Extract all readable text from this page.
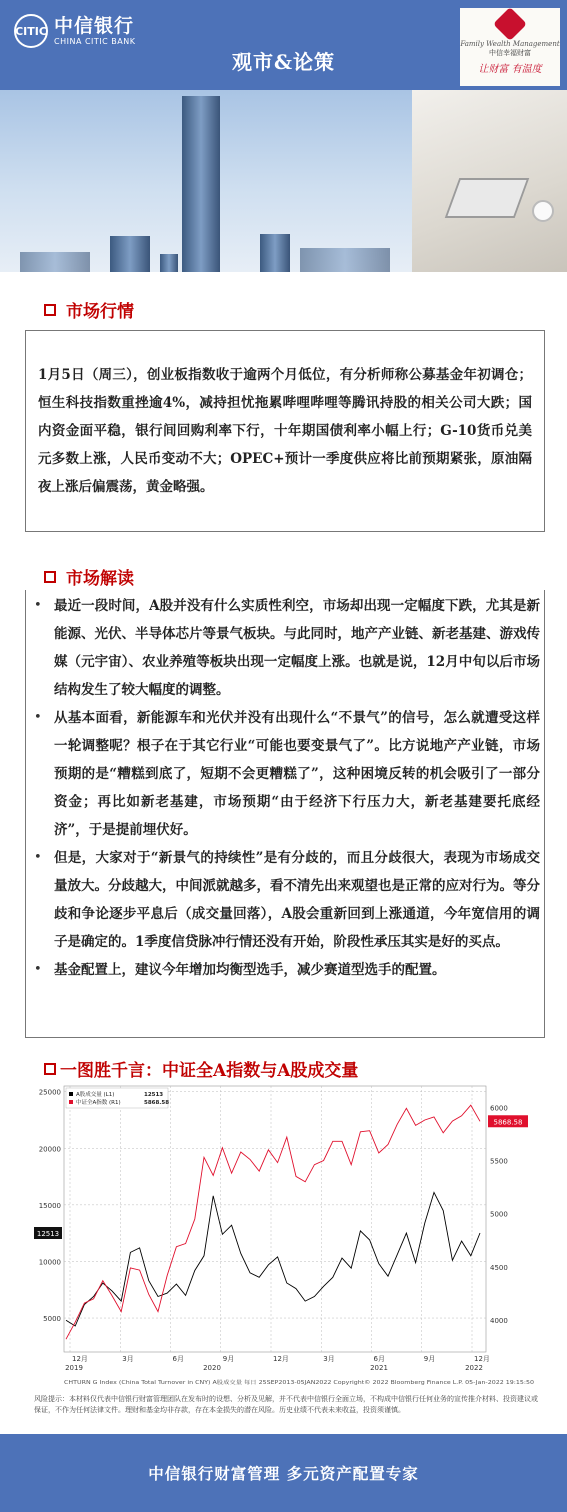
CITIC 中信银行
CHINA CITIC BANK
观市&论策
Family Wealth Management
中信幸福财富
让财富 有温度
市场行情

1月5日（周三），创业板指数收于逾两个月低位，有分析师称公募基金年初调仓；恒生科技指数重挫逾4%，减持担忧拖累哔哩哔哩等腾讯持股的相关公司大跌；国内资金面平稳，银行间回购利率下行，十年期国债利率小幅上行；G-10货币兑美元多数上涨，人民币变动不大；OPEC+预计一季度供应将比前预期紧张，原油隔夜上涨后偏震荡，黄金略强。

市场解读
• 最近一段时间，A股并没有什么实质性利空，市场却出现一定幅度下跌，尤其是新能源、光伏、半导体芯片等景气板块。与此同时，地产产业链、新老基建、游戏传媒（元宇宙）、农业养殖等板块出现一定幅度上涨。也就是说，12月中旬以后市场结构发生了较大幅度的调整。

• 从基本面看，新能源车和光伏并没有出现什么“不景气”的信号，怎么就遭受这样一轮调整呢？根子在于其它行业“可能也要变景气了”。比方说地产产业链，市场预期的是“糟糕到底了，短期不会更糟糕了”，这种困境反转的机会吸引了一部分资金；再比如新老基建，市场预期“由于经济下行压力大，新老基建要托底经济”，于是提前埋伏好。

• 但是，大家对于“新景气的持续性”是有分歧的，而且分歧很大，表现为市场成交量放大。分歧越大，中间派就越多，看不清先出来观望也是正常的应对行为。等分歧和争论逐步平息后（成交量回落），A股会重新回到上涨通道，今年宽信用的调子是确定的。1季度信贷脉冲行情还没有开始，阶段性承压其实是好的买点。

• 基金配置上，建议今年增加均衡型选手，减少赛道型选手的配置。

一图胜千言：中证全A指数与A股成交量
5000
10000
15000
20000
25000
4000
4500
5000
5500
6000
12月	3月	6月	9月	12月	3月	6月	9月	12月
2019	2020	2021	2022
A股成交量 (L1)	12513
中证全A指数 (R1)	5868.58
12513
5868.58
CHTURN G Index (China Total Turnover in CNY) A股成交量 每日 25SEP2013-05JAN2022 Copyright© 2022 Bloomberg Finance L.P. 05-Jan-2022 19:15:50

风险提示：本材料仅代表中信银行财富管理团队在发布时的设想、分析及见解，并不代表中信银行全面立场，不构成中信银行任何业务的宣传推介材料、投资建议或保证，不作为任何法律文件。理财和基金均非存款，存在本金损失的潜在风险。历史业绩不代表未来收益，投资须谨慎。

中信银行财富管理 多元资产配置专家
